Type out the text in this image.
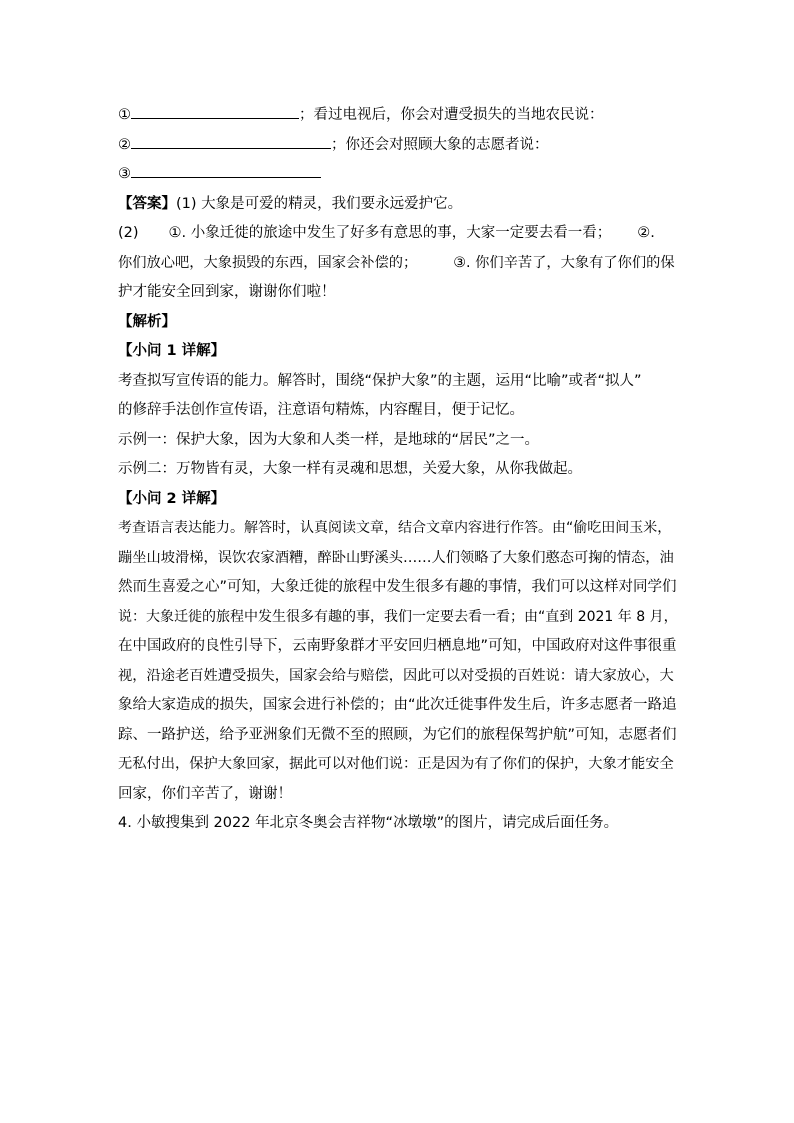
①	；看过电视后，你会对遭受损失的当地农民说：
②	；你还会对照顾大象的志愿者说：
③
【答案】(1) 大象是可爱的精灵，我们要永远爱护它。
(2) ①. 小象迁徙的旅途中发生了好多有意思的事，大家一定要去看一看； ②.
你们放心吧，大象损毁的东西，国家会补偿的；	③. 你们辛苦了，大象有了你们的保
护才能安全回到家，谢谢你们啦！
【解析】
【小问 1 详解】
考查拟写宣传语的能力。解答时，围绕“保护大象”的主题，运用“比喻”或者“拟人”
的修辞手法创作宣传语，注意语句精炼，内容醒目，便于记忆。
示例一：保护大象，因为大象和人类一样，是地球的“居民”之一。
示例二：万物皆有灵，大象一样有灵魂和思想，关爱大象，从你我做起。
【小问 2 详解】
考查语言表达能力。解答时，认真阅读文章，结合文章内容进行作答。由“偷吃田间玉米，
蹦坐山坡滑梯，误饮农家酒糟，醉卧山野溪头……人们领略了大象们憨态可掬的情态，油
然而生喜爱之心”可知，大象迁徙的旅程中发生很多有趣的事情，我们可以这样对同学们
说：大象迁徙的旅程中发生很多有趣的事，我们一定要去看一看；由“直到 2021 年 8 月，
在中国政府的良性引导下，云南野象群才平安回归栖息地”可知，中国政府对这件事很重
视，沿途老百姓遭受损失，国家会给与赔偿，因此可以对受损的百姓说：请大家放心，大
象给大家造成的损失，国家会进行补偿的；由“此次迁徙事件发生后，许多志愿者一路追
踪、一路护送，给予亚洲象们无微不至的照顾，为它们的旅程保驾护航”可知，志愿者们
无私付出，保护大象回家，据此可以对他们说：正是因为有了你们的保护，大象才能安全
回家，你们辛苦了，谢谢！
4. 小敏搜集到 2022 年北京冬奥会吉祥物“冰墩墩”的图片，请完成后面任务。
